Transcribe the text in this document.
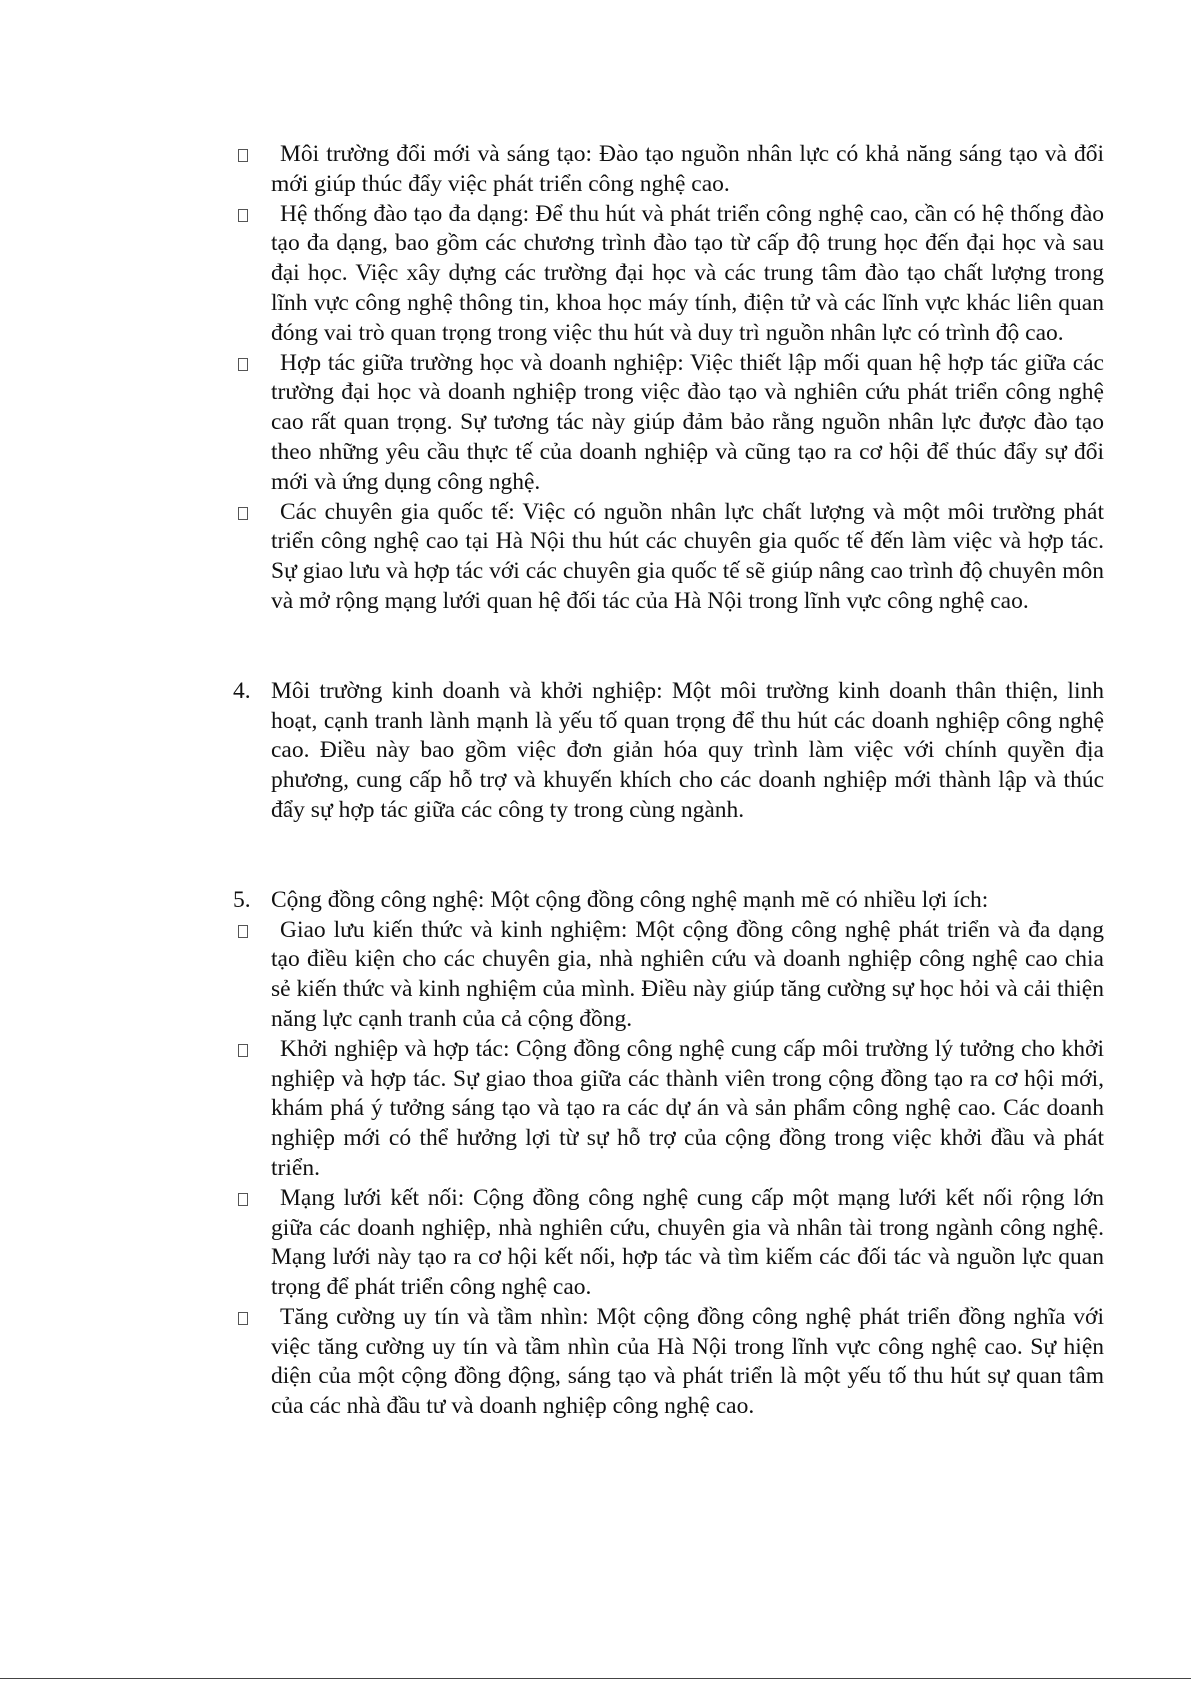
Môi trường đổi mới và sáng tạo: Đào tạo nguồn nhân lực có khả năng sáng tạo và đổi mới giúp thúc đẩy việc phát triển công nghệ cao.
Hệ thống đào tạo đa dạng: Để thu hút và phát triển công nghệ cao, cần có hệ thống đào tạo đa dạng, bao gồm các chương trình đào tạo từ cấp độ trung học đến đại học và sau đại học. Việc xây dựng các trường đại học và các trung tâm đào tạo chất lượng trong lĩnh vực công nghệ thông tin, khoa học máy tính, điện tử và các lĩnh vực khác liên quan đóng vai trò quan trọng trong việc thu hút và duy trì nguồn nhân lực có trình độ cao.
Hợp tác giữa trường học và doanh nghiệp: Việc thiết lập mối quan hệ hợp tác giữa các trường đại học và doanh nghiệp trong việc đào tạo và nghiên cứu phát triển công nghệ cao rất quan trọng. Sự tương tác này giúp đảm bảo rằng nguồn nhân lực được đào tạo theo những yêu cầu thực tế của doanh nghiệp và cũng tạo ra cơ hội để thúc đẩy sự đổi mới và ứng dụng công nghệ.
Các chuyên gia quốc tế: Việc có nguồn nhân lực chất lượng và một môi trường phát triển công nghệ cao tại Hà Nội thu hút các chuyên gia quốc tế đến làm việc và hợp tác. Sự giao lưu và hợp tác với các chuyên gia quốc tế sẽ giúp nâng cao trình độ chuyên môn và mở rộng mạng lưới quan hệ đối tác của Hà Nội trong lĩnh vực công nghệ cao.
4. Môi trường kinh doanh và khởi nghiệp: Một môi trường kinh doanh thân thiện, linh hoạt, cạnh tranh lành mạnh là yếu tố quan trọng để thu hút các doanh nghiệp công nghệ cao. Điều này bao gồm việc đơn giản hóa quy trình làm việc với chính quyền địa phương, cung cấp hỗ trợ và khuyến khích cho các doanh nghiệp mới thành lập và thúc đẩy sự hợp tác giữa các công ty trong cùng ngành.
5. Cộng đồng công nghệ: Một cộng đồng công nghệ mạnh mẽ có nhiều lợi ích:
Giao lưu kiến thức và kinh nghiệm: Một cộng đồng công nghệ phát triển và đa dạng tạo điều kiện cho các chuyên gia, nhà nghiên cứu và doanh nghiệp công nghệ cao chia sẻ kiến thức và kinh nghiệm của mình. Điều này giúp tăng cường sự học hỏi và cải thiện năng lực cạnh tranh của cả cộng đồng.
Khởi nghiệp và hợp tác: Cộng đồng công nghệ cung cấp môi trường lý tưởng cho khởi nghiệp và hợp tác. Sự giao thoa giữa các thành viên trong cộng đồng tạo ra cơ hội mới, khám phá ý tưởng sáng tạo và tạo ra các dự án và sản phẩm công nghệ cao. Các doanh nghiệp mới có thể hưởng lợi từ sự hỗ trợ của cộng đồng trong việc khởi đầu và phát triển.
Mạng lưới kết nối: Cộng đồng công nghệ cung cấp một mạng lưới kết nối rộng lớn giữa các doanh nghiệp, nhà nghiên cứu, chuyên gia và nhân tài trong ngành công nghệ. Mạng lưới này tạo ra cơ hội kết nối, hợp tác và tìm kiếm các đối tác và nguồn lực quan trọng để phát triển công nghệ cao.
Tăng cường uy tín và tầm nhìn: Một cộng đồng công nghệ phát triển đồng nghĩa với việc tăng cường uy tín và tầm nhìn của Hà Nội trong lĩnh vực công nghệ cao. Sự hiện diện của một cộng đồng động, sáng tạo và phát triển là một yếu tố thu hút sự quan tâm của các nhà đầu tư và doanh nghiệp công nghệ cao.
